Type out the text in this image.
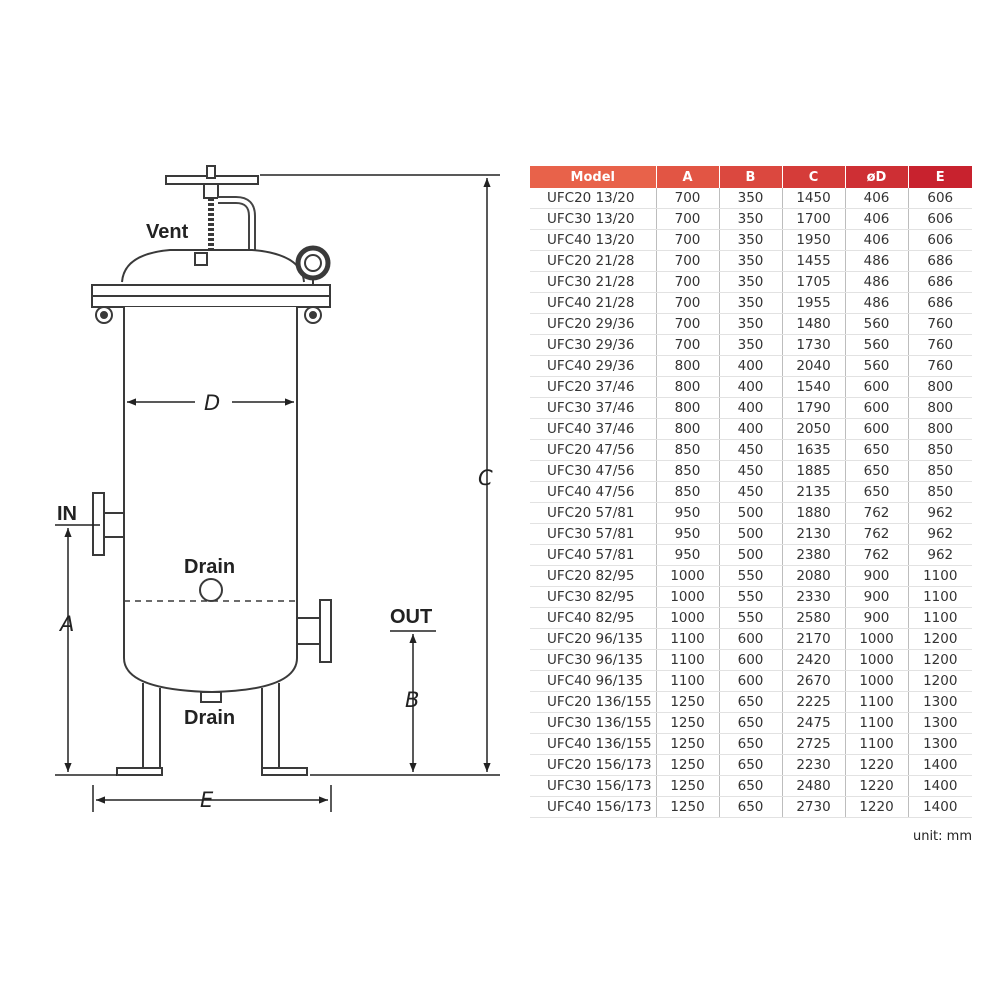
Vent
IN
OUT
Drain
Drain
D
C
A
B
E
Model	A	B	C	øD	E
UFC20 13/20	700	350	1450	406	606
UFC30 13/20	700	350	1700	406	606
UFC40 13/20	700	350	1950	406	606
UFC20 21/28	700	350	1455	486	686
UFC30 21/28	700	350	1705	486	686
UFC40 21/28	700	350	1955	486	686
UFC20 29/36	700	350	1480	560	760
UFC30 29/36	700	350	1730	560	760
UFC40 29/36	800	400	2040	560	760
UFC20 37/46	800	400	1540	600	800
UFC30 37/46	800	400	1790	600	800
UFC40 37/46	800	400	2050	600	800
UFC20 47/56	850	450	1635	650	850
UFC30 47/56	850	450	1885	650	850
UFC40 47/56	850	450	2135	650	850
UFC20 57/81	950	500	1880	762	962
UFC30 57/81	950	500	2130	762	962
UFC40 57/81	950	500	2380	762	962
UFC20 82/95	1000	550	2080	900	1100
UFC30 82/95	1000	550	2330	900	1100
UFC40 82/95	1000	550	2580	900	1100
UFC20 96/135	1100	600	2170	1000	1200
UFC30 96/135	1100	600	2420	1000	1200
UFC40 96/135	1100	600	2670	1000	1200
UFC20 136/155	1250	650	2225	1100	1300
UFC30 136/155	1250	650	2475	1100	1300
UFC40 136/155	1250	650	2725	1100	1300
UFC20 156/173	1250	650	2230	1220	1400
UFC30 156/173	1250	650	2480	1220	1400
UFC40 156/173	1250	650	2730	1220	1400
unit: mm
